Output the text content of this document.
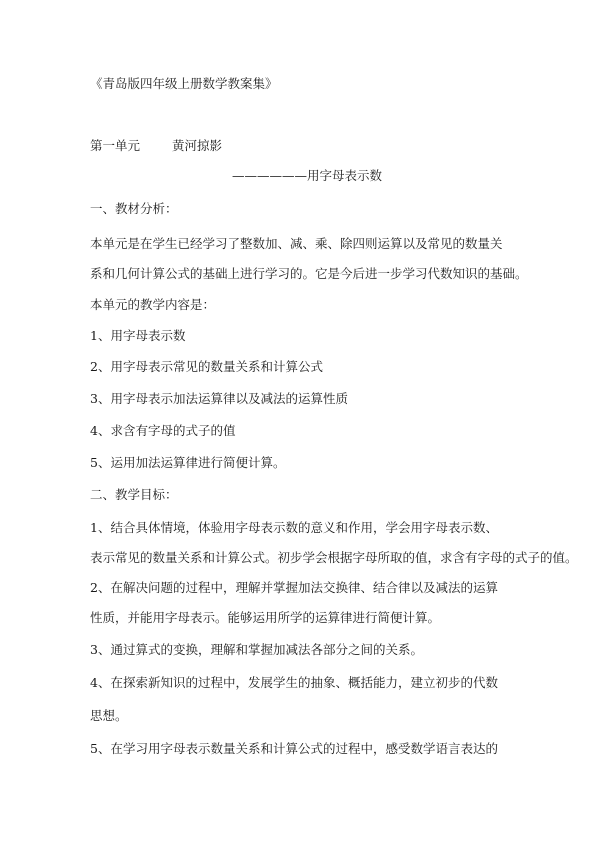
《青岛版四年级上册数学教案集》
第一单元	黄河掠影
——————用字母表示数
一、教材分析：
本单元是在学生已经学习了整数加、减、乘、除四则运算以及常见的数量关
系和几何计算公式的基础上进行学习的。它是今后进一步学习代数知识的基础。
本单元的教学内容是：
1、用字母表示数
2、用字母表示常见的数量关系和计算公式
3、用字母表示加法运算律以及减法的运算性质
4、求含有字母的式子的值
5、运用加法运算律进行简便计算。
二、教学目标：
1、结合具体情境，体验用字母表示数的意义和作用，学会用字母表示数、
表示常见的数量关系和计算公式。初步学会根据字母所取的值，求含有字母的式子的值。
2、在解决问题的过程中，理解并掌握加法交换律、结合律以及减法的运算
性质，并能用字母表示。能够运用所学的运算律进行简便计算。
3、通过算式的变换，理解和掌握加减法各部分之间的关系。
4、在探索新知识的过程中，发展学生的抽象、概括能力，建立初步的代数
思想。
5、在学习用字母表示数量关系和计算公式的过程中，感受数学语言表达的
